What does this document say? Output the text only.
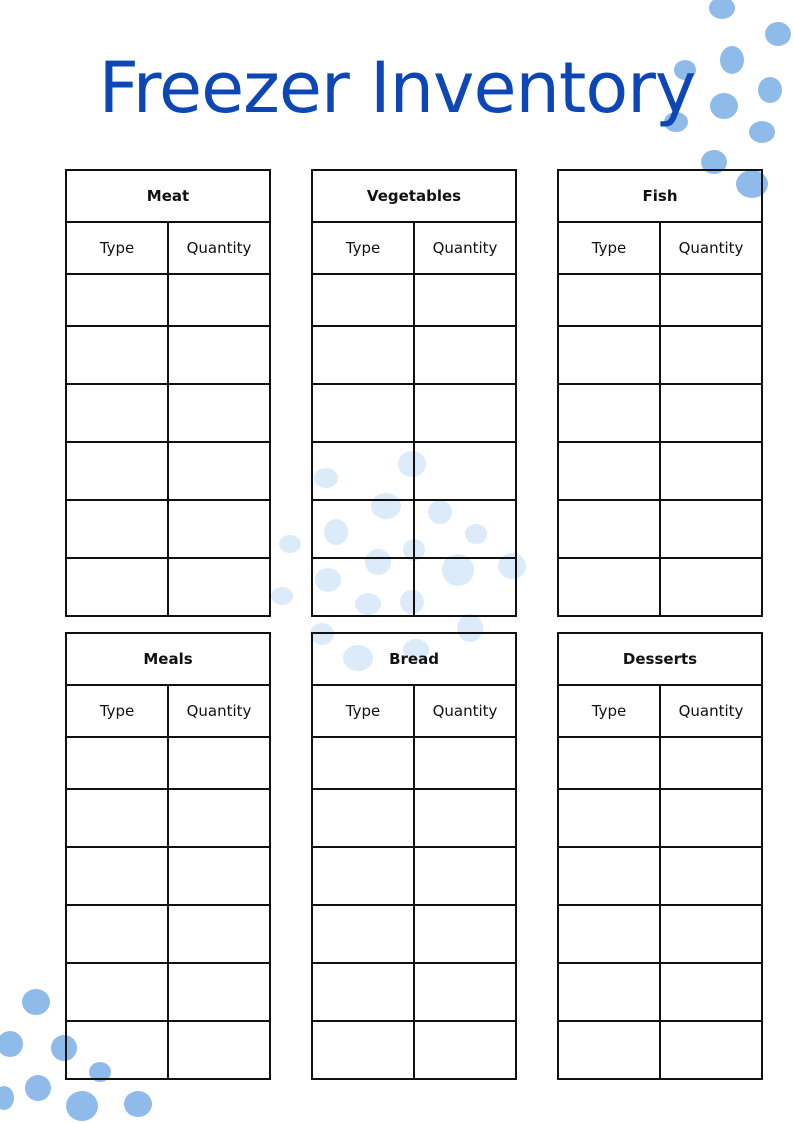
Freezer Inventory
Meat	
Type	Quantity

Vegetables	
Type	Quantity

Fish	
Type	Quantity

Meals	
Type	Quantity

Bread	
Type	Quantity

Desserts	
Type	Quantity
